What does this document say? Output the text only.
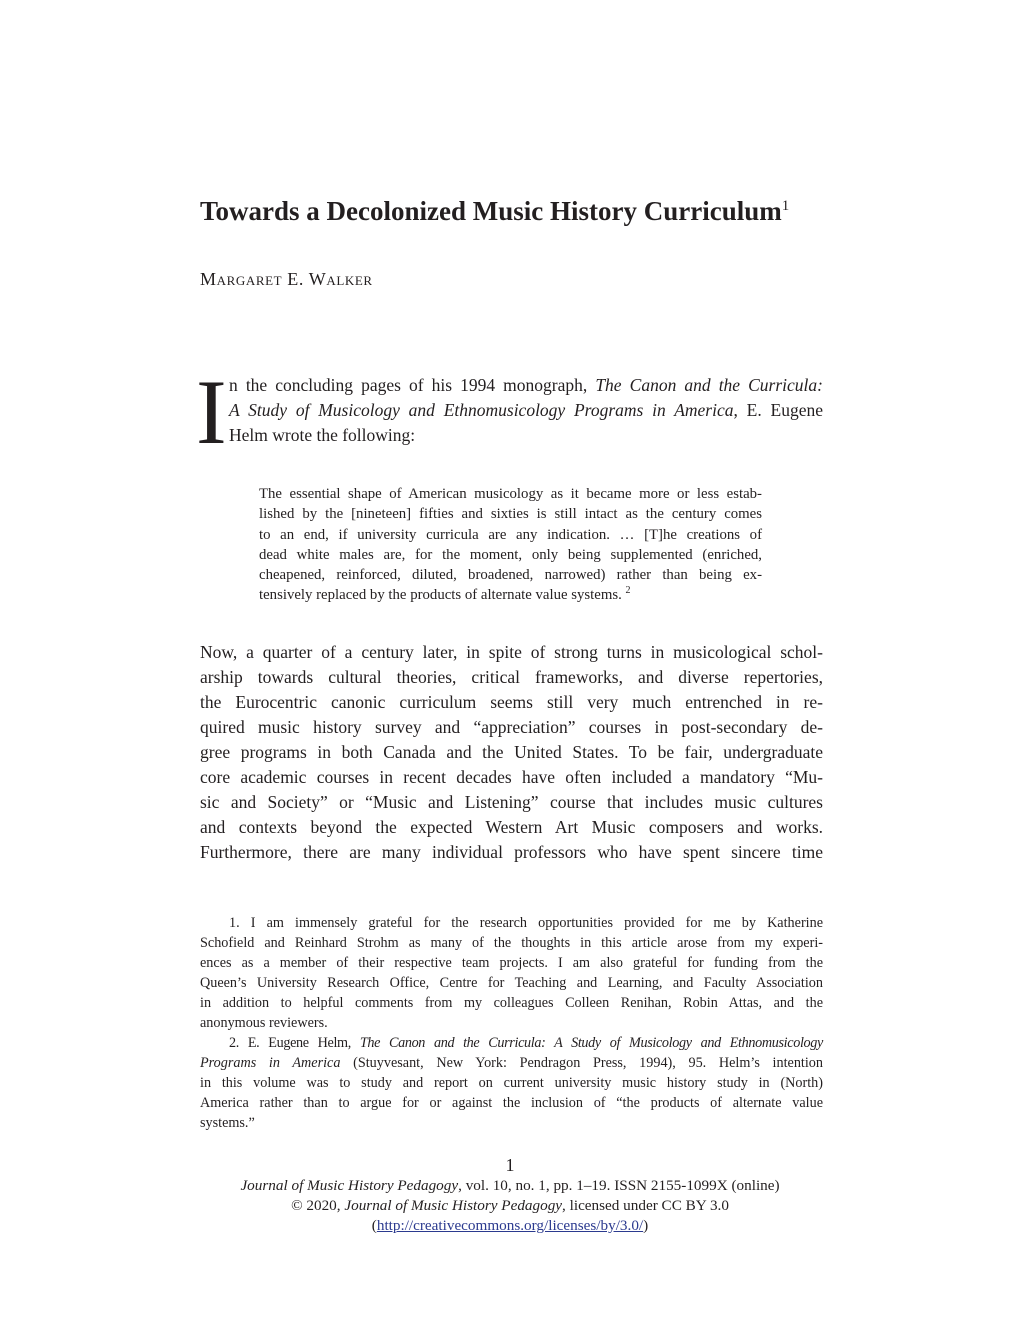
Towards a Decolonized Music History Curriculum$^1$
Margaret E. Walker
I n the concluding pages of his 1994 monograph, The Canon and the Curricula:
A Study of Musicology and Ethnomusicology Programs in America, E. Eugene
Helm wrote the following:
The essential shape of American musicology as it became more or less estab-
lished by the [nineteen] fifties and sixties is still intact as the century comes
to an end, if university curricula are any indication. … [T]he creations of
dead white males are, for the moment, only being supplemented (enriched,
cheapened, reinforced, diluted, broadened, narrowed) rather than being ex-
tensively replaced by the products of alternate value systems. $^2$
Now, a quarter of a century later, in spite of strong turns in musicological schol-
arship towards cultural theories, critical frameworks, and diverse repertories,
the Eurocentric canonic curriculum seems still very much entrenched in re-
quired music history survey and “appreciation” courses in post-secondary de-
gree programs in both Canada and the United States. To be fair, undergraduate
core academic courses in recent decades have often included a mandatory “Mu-
sic and Society” or “Music and Listening” course that includes music cultures
and contexts beyond the expected Western Art Music composers and works.
Furthermore, there are many individual professors who have spent sincere time
1. I am immensely grateful for the research opportunities provided for me by Katherine
Schofield and Reinhard Strohm as many of the thoughts in this article arose from my experi-
ences as a member of their respective team projects. I am also grateful for funding from the
Queen’s University Research Office, Centre for Teaching and Learning, and Faculty Association
in addition to helpful comments from my colleagues Colleen Renihan, Robin Attas, and the
anonymous reviewers.
2. E. Eugene Helm, The Canon and the Curricula: A Study of Musicology and Ethnomusicology
Programs in America (Stuyvesant, New York: Pendragon Press, 1994), 95. Helm’s intention
in this volume was to study and report on current university music history study in (North)
America rather than to argue for or against the inclusion of “the products of alternate value
systems.”
1
Journal of Music History Pedagogy, vol. 10, no. 1, pp. 1–19. ISSN 2155-1099X (online)
© 2020, Journal of Music History Pedagogy, licensed under CC BY 3.0
(http://creativecommons.org/licenses/by/3.0/)
